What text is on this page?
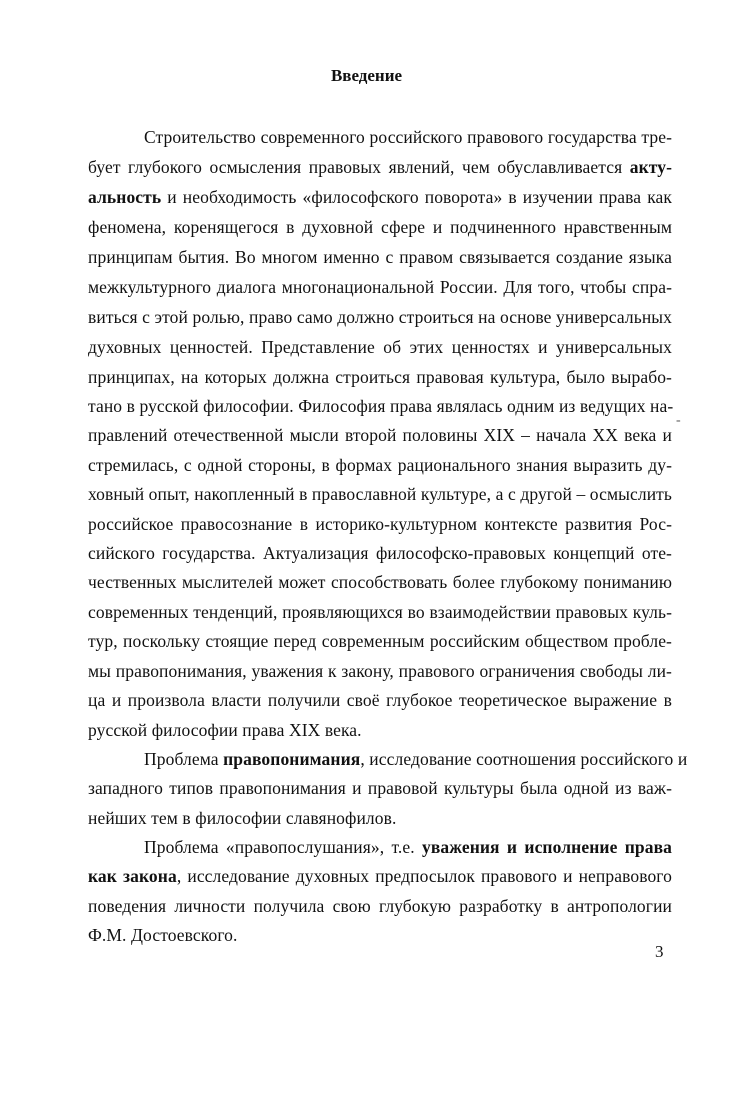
Введение
Строительство современного российского правового государства тре-
бует глубокого осмысления правовых явлений, чем обуславливается акту-
альность и необходимость «философского поворота» в изучении права как
феномена, коренящегося в духовной сфере и подчиненного нравственным
принципам бытия. Во многом именно с правом связывается создание языка
межкультурного диалога многонациональной России. Для того, чтобы спра-
виться с этой ролью, право само должно строиться на основе универсальных
духовных ценностей. Представление об этих ценностях и универсальных
принципах, на которых должна строиться правовая культура, было вырабо-
тано в русской философии. Философия права являлась одним из ведущих на-
правлений отечественной мысли второй половины XIX – начала XX века и
стремилась, с одной стороны, в формах рационального знания выразить ду-
ховный опыт, накопленный в православной культуре, а с другой – осмыслить
российское правосознание в историко-культурном контексте развития Рос-
сийского государства. Актуализация философско-правовых концепций оте-
чественных мыслителей может способствовать более глубокому пониманию
современных тенденций, проявляющихся во взаимодействии правовых куль-
тур, поскольку стоящие перед современным российским обществом пробле-
мы правопонимания, уважения к закону, правового ограничения свободы ли-
ца и произвола власти получили своё глубокое теоретическое выражение в
русской философии права XIX века.
Проблема правопонимания, исследование соотношения российского и
западного типов правопонимания и правовой культуры была одной из важ-
нейших тем в философии славянофилов.
Проблема «правопослушания», т.е. уважения и исполнение права
как закона, исследование духовных предпосылок правового и неправового
поведения личности получила свою глубокую разработку в антропологии
Ф.М. Достоевского.
-
3
